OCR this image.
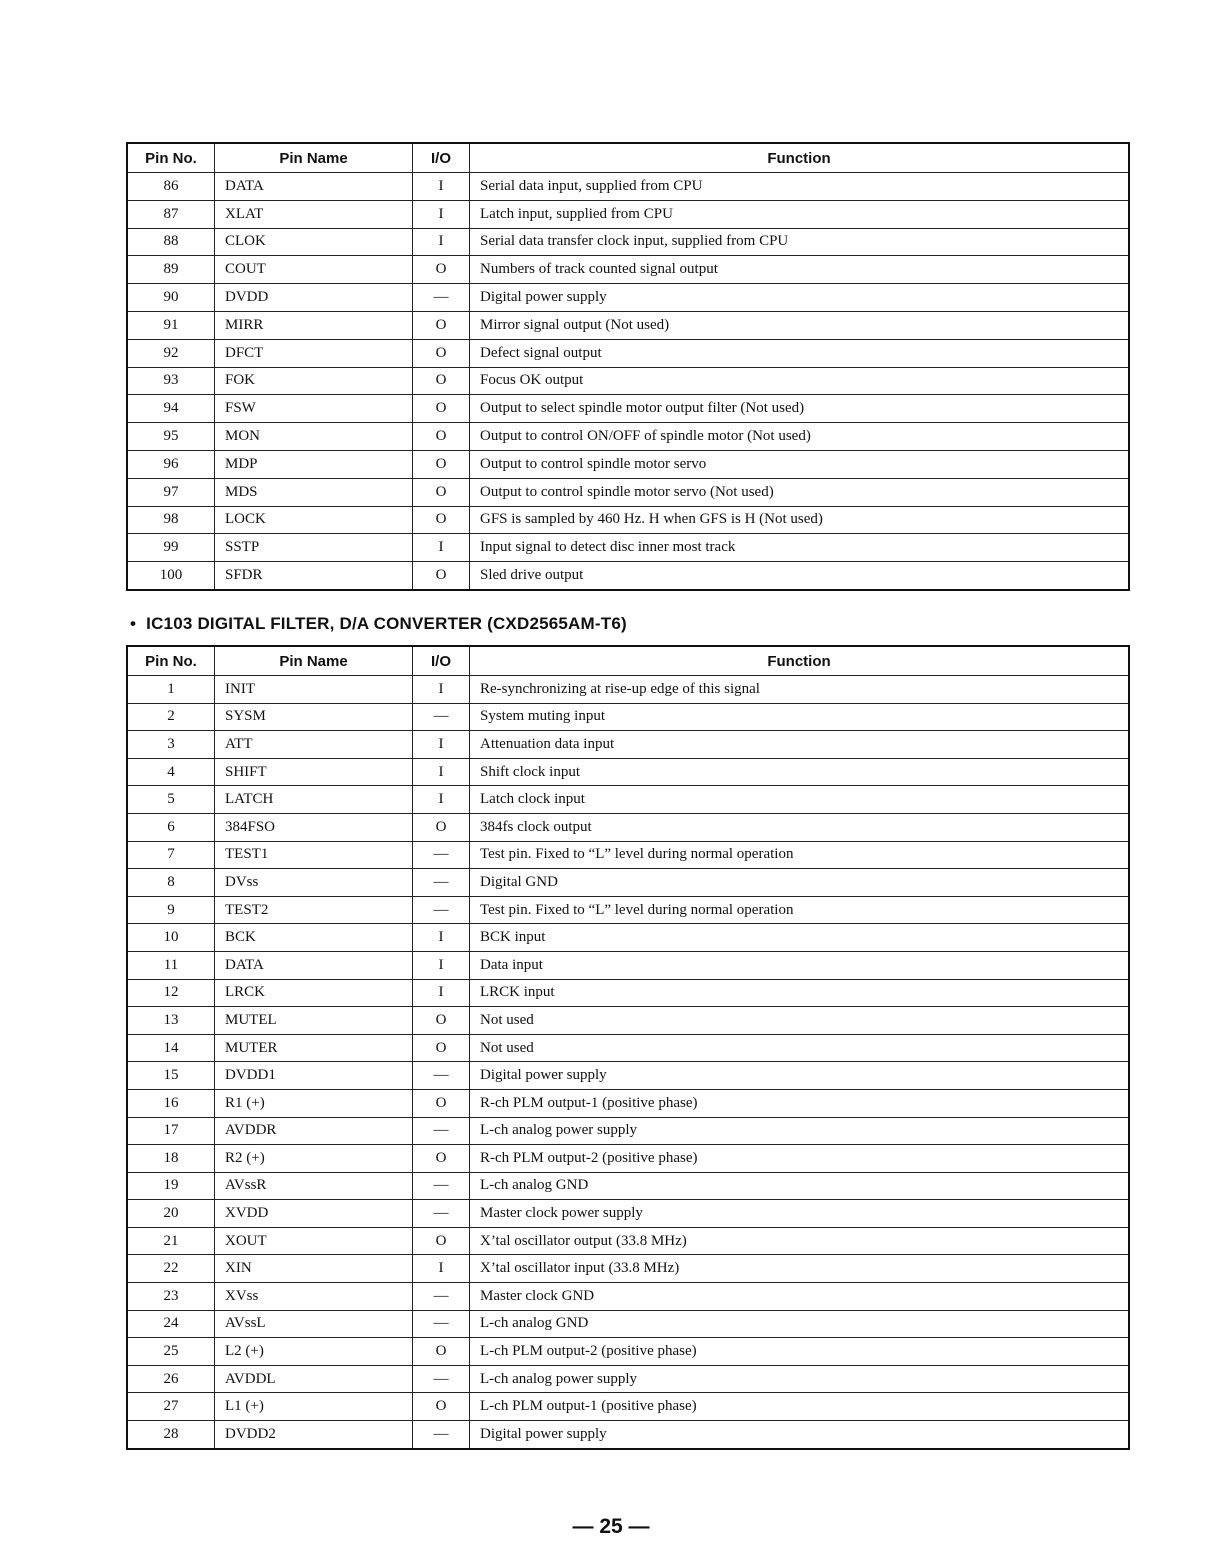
Pin No.	Pin Name	I/O	Function
86	DATA	I	Serial data input, supplied from CPU
87	XLAT	I	Latch input, supplied from CPU
88	CLOK	I	Serial data transfer clock input, supplied from CPU
89	COUT	O	Numbers of track counted signal output
90	DVDD	—	Digital power supply
91	MIRR	O	Mirror signal output (Not used)
92	DFCT	O	Defect signal output
93	FOK	O	Focus OK output
94	FSW	O	Output to select spindle motor output filter (Not used)
95	MON	O	Output to control ON/OFF of spindle motor (Not used)
96	MDP	O	Output to control spindle motor servo
97	MDS	O	Output to control spindle motor servo (Not used)
98	LOCK	O	GFS is sampled by 460 Hz. H when GFS is H (Not used)
99	SSTP	I	Input signal to detect disc inner most track
100	SFDR	O	Sled drive output
• IC103 DIGITAL FILTER, D/A CONVERTER (CXD2565AM-T6)
Pin No.	Pin Name	I/O	Function
1	INIT	I	Re-synchronizing at rise-up edge of this signal
2	SYSM	—	System muting input
3	ATT	I	Attenuation data input
4	SHIFT	I	Shift clock input
5	LATCH	I	Latch clock input
6	384FSO	O	384fs clock output
7	TEST1	—	Test pin. Fixed to “L” level during normal operation
8	DVss	—	Digital GND
9	TEST2	—	Test pin. Fixed to “L” level during normal operation
10	BCK	I	BCK input
11	DATA	I	Data input
12	LRCK	I	LRCK input
13	MUTEL	O	Not used
14	MUTER	O	Not used
15	DVDD1	—	Digital power supply
16	R1 (+)	O	R-ch PLM output-1 (positive phase)
17	AVDDR	—	L-ch analog power supply
18	R2 (+)	O	R-ch PLM output-2 (positive phase)
19	AVssR	—	L-ch analog GND
20	XVDD	—	Master clock power supply
21	XOUT	O	X’tal oscillator output (33.8 MHz)
22	XIN	I	X’tal oscillator input (33.8 MHz)
23	XVss	—	Master clock GND
24	AVssL	—	L-ch analog GND
25	L2 (+)	O	L-ch PLM output-2 (positive phase)
26	AVDDL	—	L-ch analog power supply
27	L1 (+)	O	L-ch PLM output-1 (positive phase)
28	DVDD2	—	Digital power supply
— 25 —
